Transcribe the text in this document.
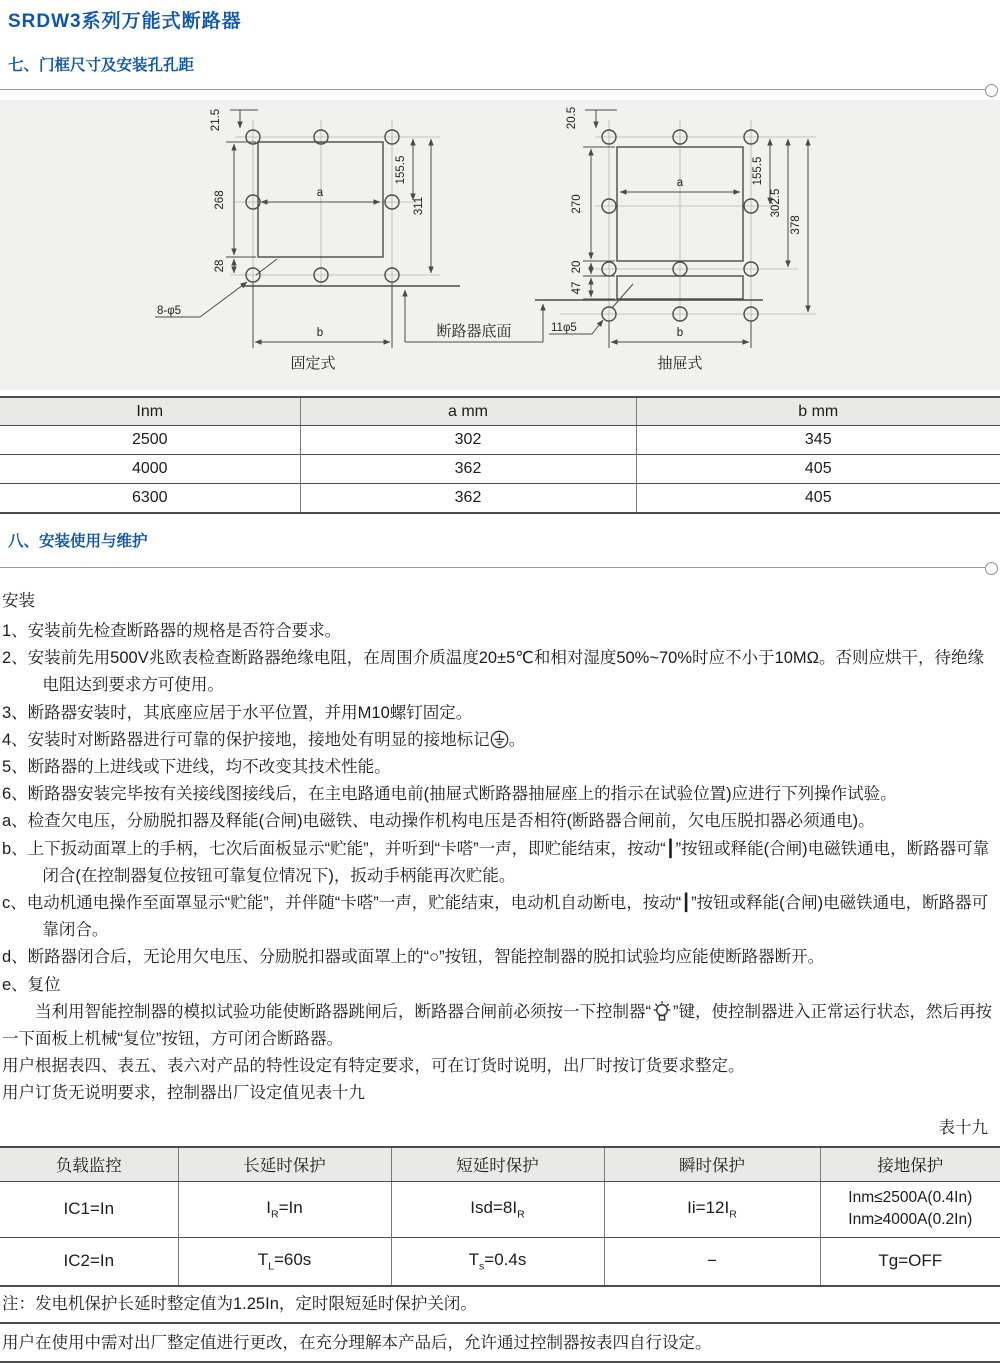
SRDW3系列万能式断路器
七、门框尺寸及安装孔孔距
21.5
268
28
a
155.5
311
b
8-φ5
固定式
断路器底面
20.5
270
20
47
a	155.5
302.5
378
b
11φ5
抽屉式
Inm	a mm	b mm
2500	302	345
4000	362	405
6300	362	405
八、安装使用与维护

安装

1、安装前先检查断路器的规格是否符合要求。
2、安装前先用500V兆欧表检查断路器绝缘电阻，在周围介质温度20±5℃和相对湿度50%~70%时应不小于10MΩ。否则应烘干，待绝缘电阻达到要求方可使用。
3、断路器安装时，其底座应居于水平位置，并用M10螺钉固定。
4、安装时对断路器进行可靠的保护接地，接地处有明显的接地标记 。
5、断路器的上进线或下进线，均不改变其技术性能。
6、断路器安装完毕按有关接线图接线后，在主电路通电前(抽屉式断路器抽屉座上的指示在试验位置)应进行下列操作试验。
a、检查欠电压，分励脱扣器及释能(合闸)电磁铁、电动操作机构电压是否相符(断路器合闸前，欠电压脱扣器必须通电)。
b、上下扳动面罩上的手柄，七次后面板显示“贮能”，并听到“卡嗒”一声，即贮能结束，按动“┃”按钮或释能(合闸)电磁铁通电，断路器可靠闭合(在控制器复位按钮可靠复位情况下)，扳动手柄能再次贮能。
c、电动机通电操作至面罩显示“贮能”，并伴随“卡嗒”一声，贮能结束，电动机自动断电，按动“┃”按钮或释能(合闸)电磁铁通电，断路器可靠闭合。
d、断路器闭合后，无论用欠电压、分励脱扣器或面罩上的“○”按钮，智能控制器的脱扣试验均应能使断路器断开。
e、复位

当利用智能控制器的模拟试验功能使断路器跳闸后，断路器合闸前必须按一下控制器“ ”键，使控制器进入正常运行状态，然后再按一下面板上机械“复位”按钮，方可闭合断路器。

用户根据表四、表五、表六对产品的特性设定有特定要求，可在订货时说明，出厂时按订货要求整定。

用户订货无说明要求，控制器出厂设定值见表十九

表十九
负载监控	长延时保护	短延时保护	瞬时保护	接地保护
IC1=In	$I_R=In$	$Isd=8I_R$	$Ii=12I_R$	Inm≤2500A(0.4In)
Inm≥4000A(0.2In)
IC2=In	$T_L=60s$	$T_s=0.4s$	−	Tg=OFF
注：发电机保护长延时整定值为1.25In，定时限短延时保护关闭。
用户在使用中需对出厂整定值进行更改，在充分理解本产品后，允许通过控制器按表四自行设定。
